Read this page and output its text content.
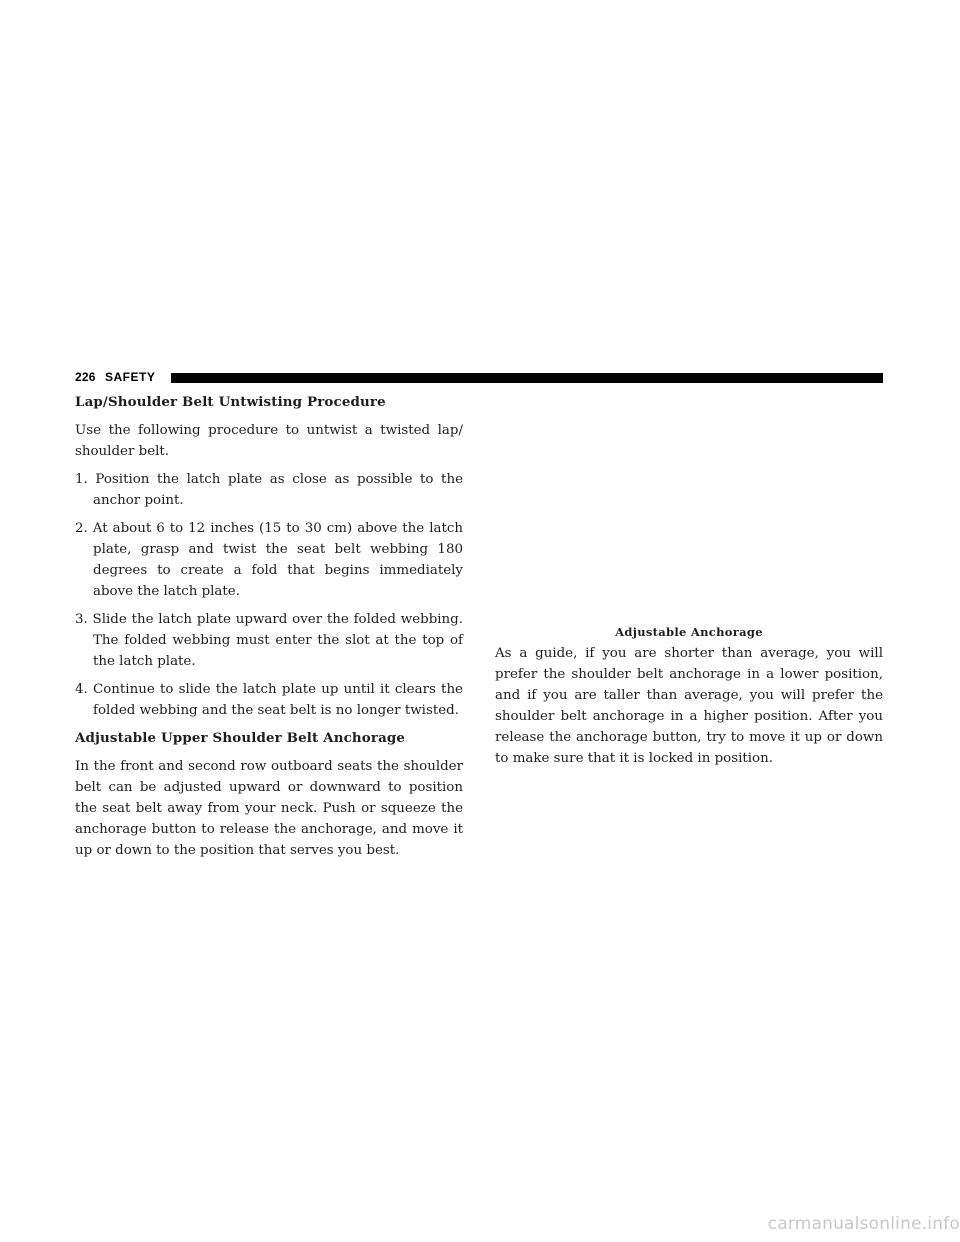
226 SAFETY
Lap/Shoulder Belt Untwisting Procedure

Use the following procedure to untwist a twisted lap/ shoulder belt.

1. Position the latch plate as close as possible to the anchor point.
2. At about 6 to 12 inches (15 to 30 cm) above the latch plate, grasp and twist the seat belt webbing 180 degrees to create a fold that begins immediately above the latch plate.
3. Slide the latch plate upward over the folded webbing. The folded webbing must enter the slot at the top of the latch plate.
4. Continue to slide the latch plate up until it clears the folded webbing and the seat belt is no longer twisted.
Adjustable Upper Shoulder Belt Anchorage

In the front and second row outboard seats the shoulder belt can be adjusted upward or downward to position the seat belt away from your neck. Push or squeeze the anchorage button to release the anchorage, and move it up or down to the position that serves you best.

Adjustable Anchorage

As a guide, if you are shorter than average, you will prefer the shoulder belt anchorage in a lower position, and if you are taller than average, you will prefer the shoulder belt anchorage in a higher position. After you release the anchorage button, try to move it up or down to make sure that it is locked in position.

carmanualsonline.info
